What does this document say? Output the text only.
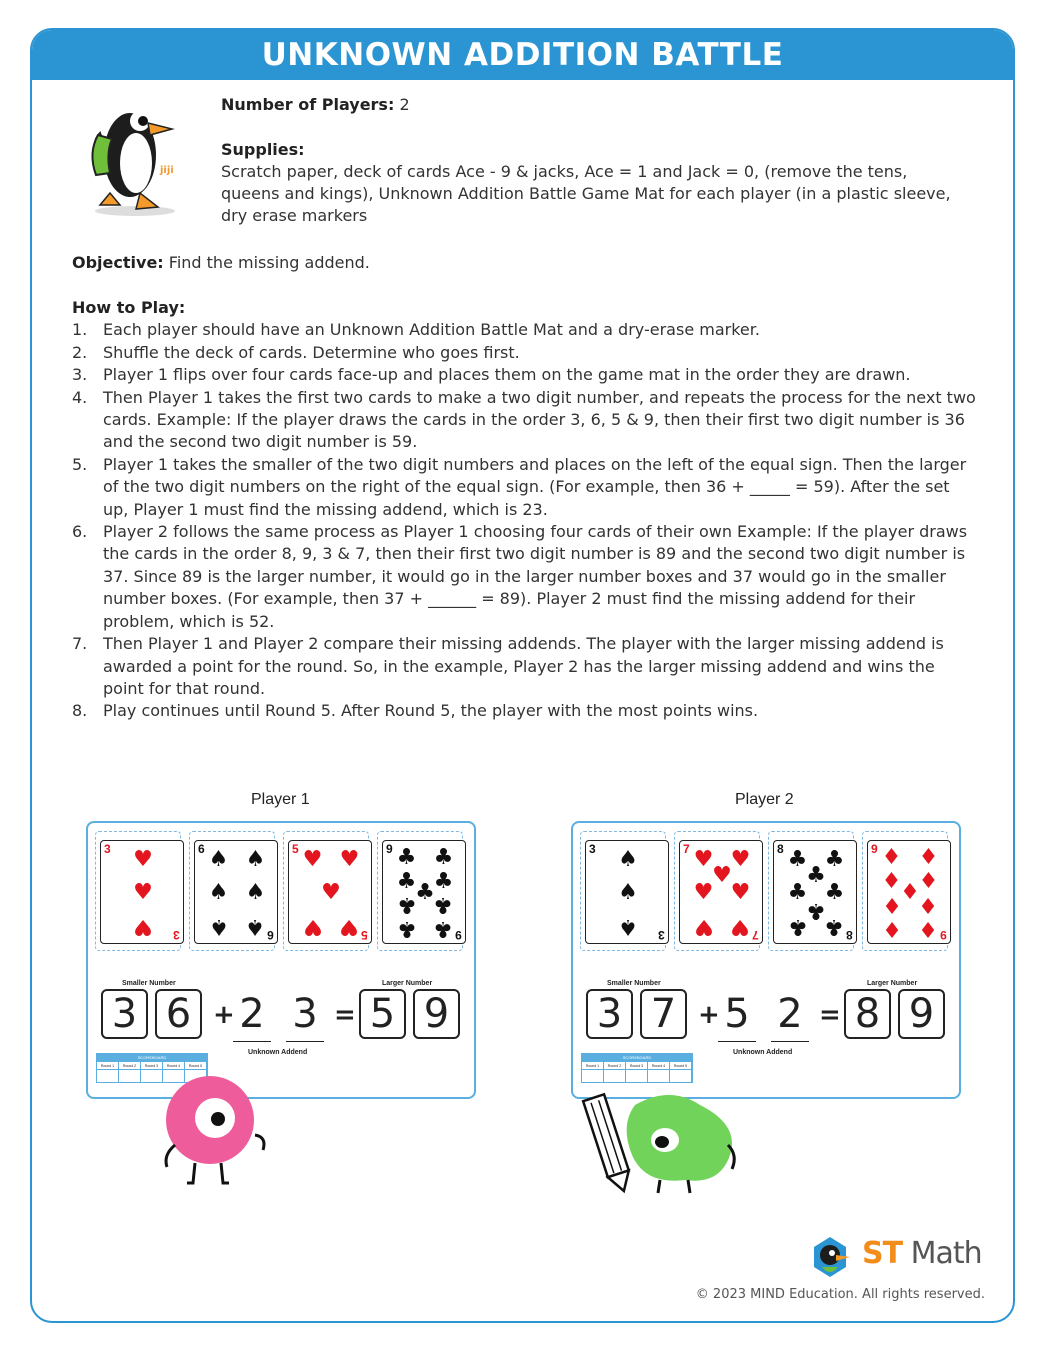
UNKNOWN ADDITION BATTLE
jiji

Number of Players: 2

Supplies:

Scratch paper, deck of cards Ace - 9 & jacks, Ace = 1 and Jack = 0, (remove the tens, queens and kings), Unknown Addition Battle Game Mat for each player (in a plastic sleeve, dry erase markers

Objective: Find the missing addend.
How to Play:
1. Each player should have an Unknown Addition Battle Mat and a dry-erase marker.
2. Shuffle the deck of cards. Determine who goes first.
3. Player 1 flips over four cards face-up and places them on the game mat in the order they are drawn.
4. Then Player 1 takes the first two cards to make a two digit number, and repeats the process for the next two cards. Example: If the player draws the cards in the order 3, 6, 5 & 9, then their first two digit number is 36 and the second two digit number is 59.
5. Player 1 takes the smaller of the two digit numbers and places on the left of the equal sign. Then the larger of the two digit numbers on the right of the equal sign. (For example, then 36 + _____ = 59). After the set up, Player 1 must find the missing addend, which is 23.
6. Player 2 follows the same process as Player 1 choosing four cards of their own Example: If the player draws the cards in the order 8, 9, 3 & 7, then their first two digit number is 89 and the second two digit number is 37. Since 89 is the larger number, it would go in the larger number boxes and 37 would go in the smaller number boxes. (For example, then 37 + ______ = 89). Player 2 must find the missing addend for their problem, which is 52.
7. Then Player 1 and Player 2 compare their missing addends. The player with the larger missing addend is awarded a point for the round. So, in the example, Player 2 has the larger missing addend and wins the point for that round.
8. Play continues until Round 5. After Round 5, the player with the most points wins.
Player 1	Player 2
3
3
♥
♥
♥
6
6
♠ ♠
♠ ♠
♠ ♠
5
5
♥ ♥
♥
♥ ♥
9
9
♣ ♣
♣ ♣
♣
♣ ♣
♣ ♣
Smaller Number	Larger Number
3 6	5 9
+ 2 3 =
Unknown Addend
SCOREBOARD
Round 1	Round 2	Round 3	Round 4	Round 5
3
3
♠
♠
♠
7
7
♥ ♥
♥
♥ ♥
♥ ♥
8
8
♣ ♣
♣
♣ ♣
♣
♣ ♣
9
9
♦ ♦
♦ ♦
♦
♦ ♦
♦ ♦
Smaller Number	Larger Number
3 7	8 9
+ 5 2 =
Unknown Addend
SCOREBOARD
Round 1	Round 2	Round 3	Round 4	Round 5
ST Math
© 2023 MIND Education. All rights reserved.
